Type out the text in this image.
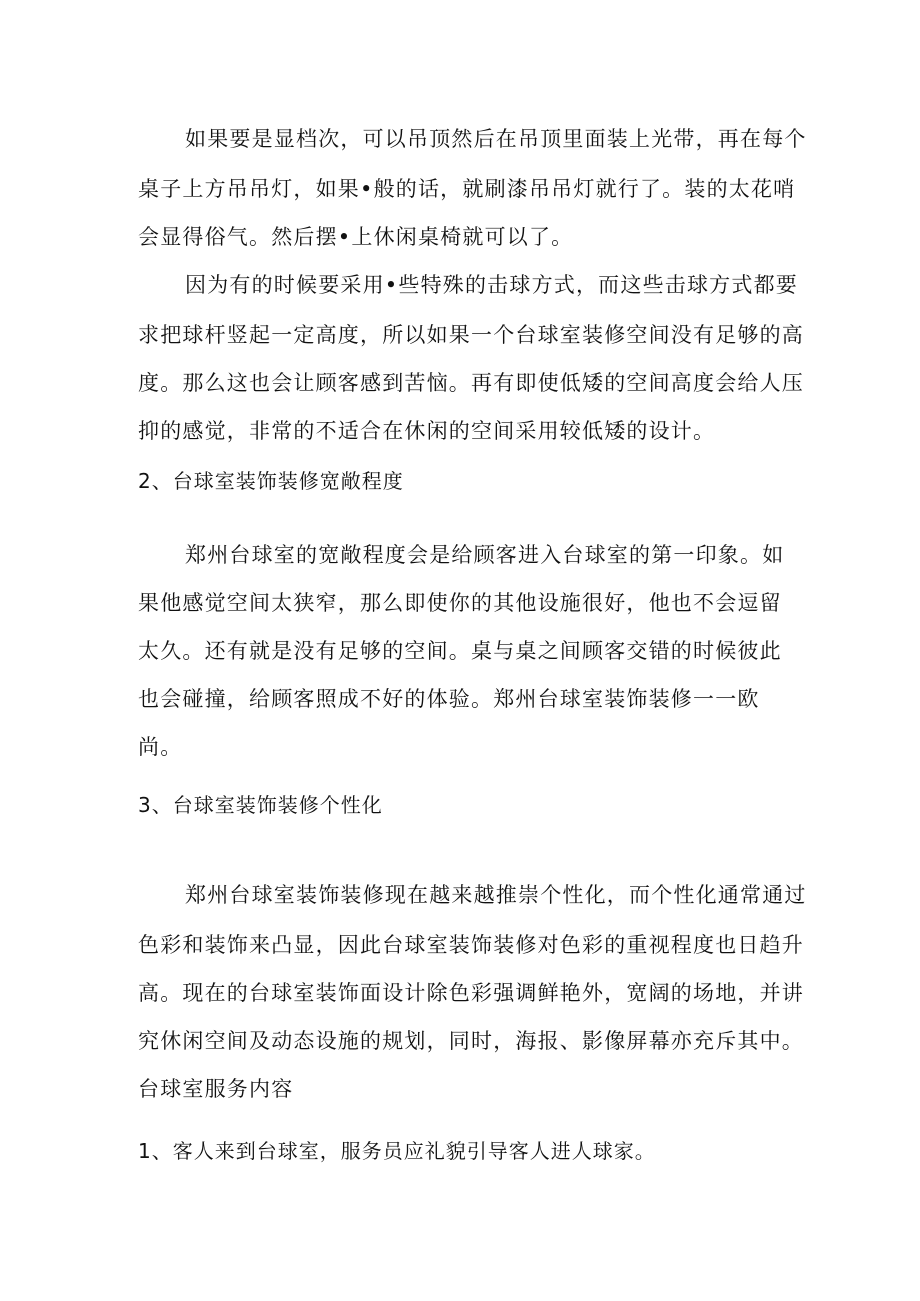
如果要是显档次，可以吊顶然后在吊顶里面装上光带，再在每个
桌子上方吊吊灯，如果•般的话，就刷漆吊吊灯就行了。装的太花哨
会显得俗气。然后摆•上休闲桌椅就可以了。
因为有的时候要采用•些特殊的击球方式，而这些击球方式都要
求把球杆竖起一定高度，所以如果一个台球室装修空间没有足够的高
度。那么这也会让顾客感到苦恼。再有即使低矮的空间高度会给人压
抑的感觉，非常的不适合在休闲的空间采用较低矮的设计。
2、台球室装饰装修宽敞程度
郑州台球室的宽敞程度会是给顾客进入台球室的第一印象。如
果他感觉空间太狭窄，那么即使你的其他设施很好，他也不会逗留
太久。还有就是没有足够的空间。桌与桌之间顾客交错的时候彼此
也会碰撞，给顾客照成不好的体验。郑州台球室装饰装修一一欧
尚。
3、台球室装饰装修个性化
郑州台球室装饰装修现在越来越推崇个性化，而个性化通常通过
色彩和装饰来凸显，因此台球室装饰装修对色彩的重视程度也日趋升
高。现在的台球室装饰面设计除色彩强调鲜艳外，宽阔的场地，并讲
究休闲空间及动态设施的规划，同时，海报、影像屏幕亦充斥其中。
台球室服务内容
1、客人来到台球室，服务员应礼貌引导客人进人球家。
